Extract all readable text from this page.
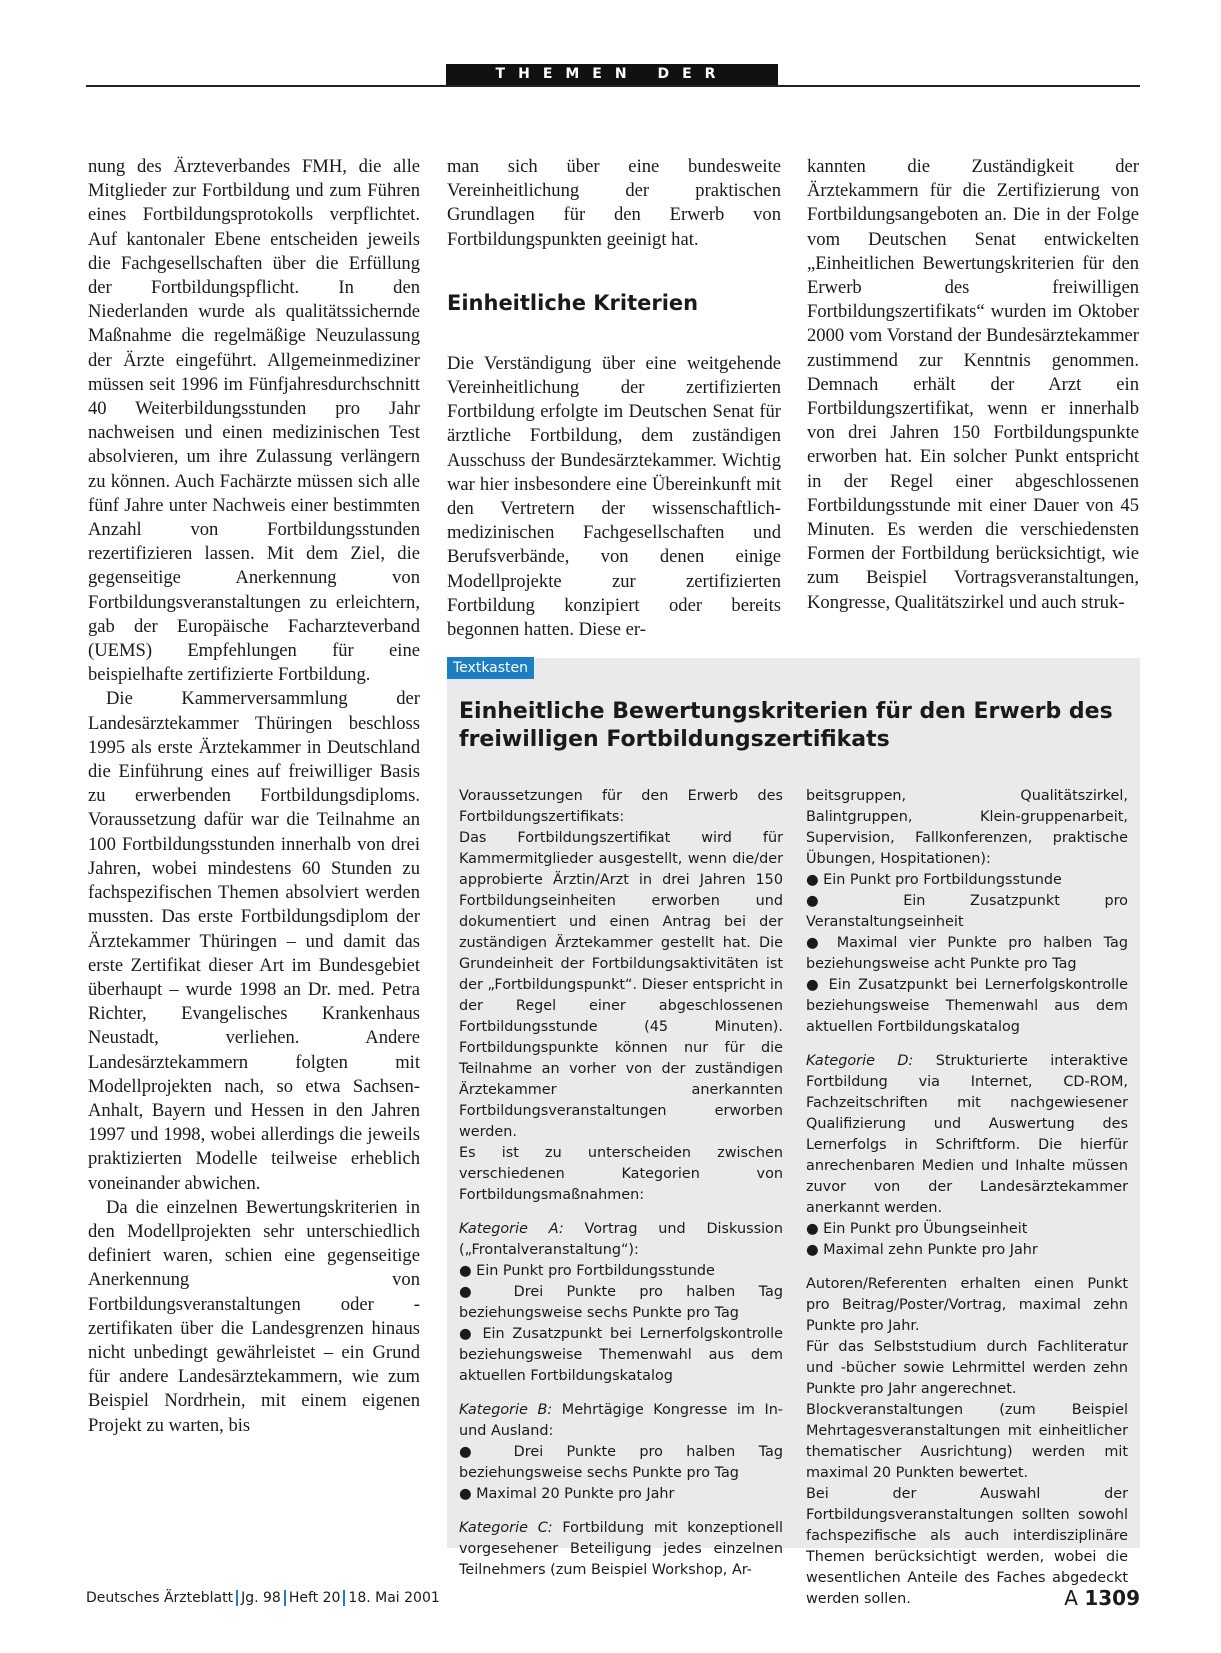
THEMEN DER ZEIT

nung des Ärzteverbandes FMH, die alle Mitglieder zur Fortbildung und zum Führen eines Fortbildungsprotokolls verpflichtet. Auf kantonaler Ebene entscheiden jeweils die Fachgesellschaften über die Erfüllung der Fortbildungspflicht. In den Niederlanden wurde als qualitätssichernde Maßnahme die regelmäßige Neuzulassung der Ärzte eingeführt. Allgemeinmediziner müssen seit 1996 im Fünfjahresdurchschnitt 40 Weiterbildungsstunden pro Jahr nachweisen und einen medizinischen Test absolvieren, um ihre Zulassung verlängern zu können. Auch Fachärzte müssen sich alle fünf Jahre unter Nachweis einer bestimmten Anzahl von Fortbildungsstunden rezertifizieren lassen. Mit dem Ziel, die gegenseitige Anerkennung von Fortbildungsveranstaltungen zu erleichtern, gab der Europäische Facharzteverband (UEMS) Empfehlungen für eine beispielhafte zertifizierte Fortbildung.

Die Kammerversammlung der Landesärztekammer Thüringen beschloss 1995 als erste Ärztekammer in Deutschland die Einführung eines auf freiwilliger Basis zu erwerbenden Fortbildungsdiploms. Voraussetzung dafür war die Teilnahme an 100 Fortbildungsstunden innerhalb von drei Jahren, wobei mindestens 60 Stunden zu fachspezifischen Themen absolviert werden mussten. Das erste Fortbildungsdiplom der Ärztekammer Thüringen – und damit das erste Zertifikat dieser Art im Bundesgebiet überhaupt – wurde 1998 an Dr. med. Petra Richter, Evangelisches Krankenhaus Neustadt, verliehen. Andere Landesärztekammern folgten mit Modellprojekten nach, so etwa Sachsen-Anhalt, Bayern und Hessen in den Jahren 1997 und 1998, wobei allerdings die jeweils praktizierten Modelle teilweise erheblich voneinander abwichen.

Da die einzelnen Bewertungskriterien in den Modellprojekten sehr unterschiedlich definiert waren, schien eine gegenseitige Anerkennung von Fortbildungsveranstaltungen oder -zertifikaten über die Landesgrenzen hinaus nicht unbedingt gewährleistet – ein Grund für andere Landesärztekammern, wie zum Beispiel Nordrhein, mit einem eigenen Projekt zu warten, bis

man sich über eine bundesweite Vereinheitlichung der praktischen Grundlagen für den Erwerb von Fortbildungspunkten geeinigt hat.

Einheitliche Kriterien

Die Verständigung über eine weitgehende Vereinheitlichung der zertifizierten Fortbildung erfolgte im Deutschen Senat für ärztliche Fortbildung, dem zuständigen Ausschuss der Bundesärztekammer. Wichtig war hier insbesondere eine Übereinkunft mit den Vertretern der wissenschaftlich-medizinischen Fachgesellschaften und Berufsverbände, von denen einige Modellprojekte zur zertifizierten Fortbildung konzipiert oder bereits begonnen hatten. Diese er-

kannten die Zuständigkeit der Ärztekammern für die Zertifizierung von Fortbildungsangeboten an. Die in der Folge vom Deutschen Senat entwickelten „Einheitlichen Bewertungskriterien für den Erwerb des freiwilligen Fortbildungszertifikats“ wurden im Oktober 2000 vom Vorstand der Bundesärztekammer zustimmend zur Kenntnis genommen. Demnach erhält der Arzt ein Fortbildungszertifikat, wenn er innerhalb von drei Jahren 150 Fortbildungspunkte erworben hat. Ein solcher Punkt entspricht in der Regel einer abgeschlossenen Fortbildungsstunde mit einer Dauer von 45 Minuten. Es werden die verschiedensten Formen der Fortbildung berücksichtigt, wie zum Beispiel Vortragsveranstaltungen, Kongresse, Qualitätszirkel und auch struk-

Textkasten
Einheitliche Bewertungskriterien für den Erwerb des freiwilligen Fortbildungszertifikats

Voraussetzungen für den Erwerb des Fortbildungszertifikats:

Das Fortbildungszertifikat wird für Kammermitglieder ausgestellt, wenn die/der approbierte Ärztin/Arzt in drei Jahren 150 Fortbildungseinheiten erworben und dokumentiert und einen Antrag bei der zuständigen Ärztekammer gestellt hat. Die Grundeinheit der Fortbildungsaktivitäten ist der „Fortbildungspunkt“. Dieser entspricht in der Regel einer abgeschlossenen Fortbildungsstunde (45 Minuten). Fortbildungspunkte können nur für die Teilnahme an vorher von der zuständigen Ärztekammer anerkannten Fortbildungsveranstaltungen erworben werden.

Es ist zu unterscheiden zwischen verschiedenen Kategorien von Fortbildungsmaßnahmen:

Kategorie A: Vortrag und Diskussion („Frontalveranstaltung“):

● Ein Punkt pro Fortbildungsstunde

● Drei Punkte pro halben Tag beziehungsweise sechs Punkte pro Tag

● Ein Zusatzpunkt bei Lernerfolgskontrolle beziehungsweise Themenwahl aus dem aktuellen Fortbildungskatalog

Kategorie B: Mehrtägige Kongresse im In- und Ausland:

● Drei Punkte pro halben Tag beziehungsweise sechs Punkte pro Tag

● Maximal 20 Punkte pro Jahr

Kategorie C: Fortbildung mit konzeptionell vorgesehener Beteiligung jedes einzelnen Teilnehmers (zum Beispiel Workshop, Ar-

beitsgruppen, Qualitätszirkel, Balintgruppen, Klein-gruppenarbeit, Supervision, Fallkonferenzen, praktische Übungen, Hospitationen):

● Ein Punkt pro Fortbildungsstunde

● Ein Zusatzpunkt pro Veranstaltungseinheit

● Maximal vier Punkte pro halben Tag beziehungsweise acht Punkte pro Tag

● Ein Zusatzpunkt bei Lernerfolgskontrolle beziehungsweise Themenwahl aus dem aktuellen Fortbildungskatalog

Kategorie D: Strukturierte interaktive Fortbildung via Internet, CD-ROM, Fachzeitschriften mit nachgewiesener Qualifizierung und Auswertung des Lernerfolgs in Schriftform. Die hierfür anrechenbaren Medien und Inhalte müssen zuvor von der Landesärztekammer anerkannt werden.

● Ein Punkt pro Übungseinheit

● Maximal zehn Punkte pro Jahr

Autoren/Referenten erhalten einen Punkt pro Beitrag/Poster/Vortrag, maximal zehn Punkte pro Jahr.

Für das Selbststudium durch Fachliteratur und -bücher sowie Lehrmittel werden zehn Punkte pro Jahr angerechnet.

Blockveranstaltungen (zum Beispiel Mehrtagesveranstaltungen mit einheitlicher thematischer Ausrichtung) werden mit maximal 20 Punkten bewertet.

Bei der Auswahl der Fortbildungsveranstaltungen sollten sowohl fachspezifische als auch interdisziplinäre Themen berücksichtigt werden, wobei die wesentlichen Anteile des Faches abgedeckt werden sollen.

Deutsches Ärzteblatt Jg. 98 Heft 20 18. Mai 2001	A 1309
